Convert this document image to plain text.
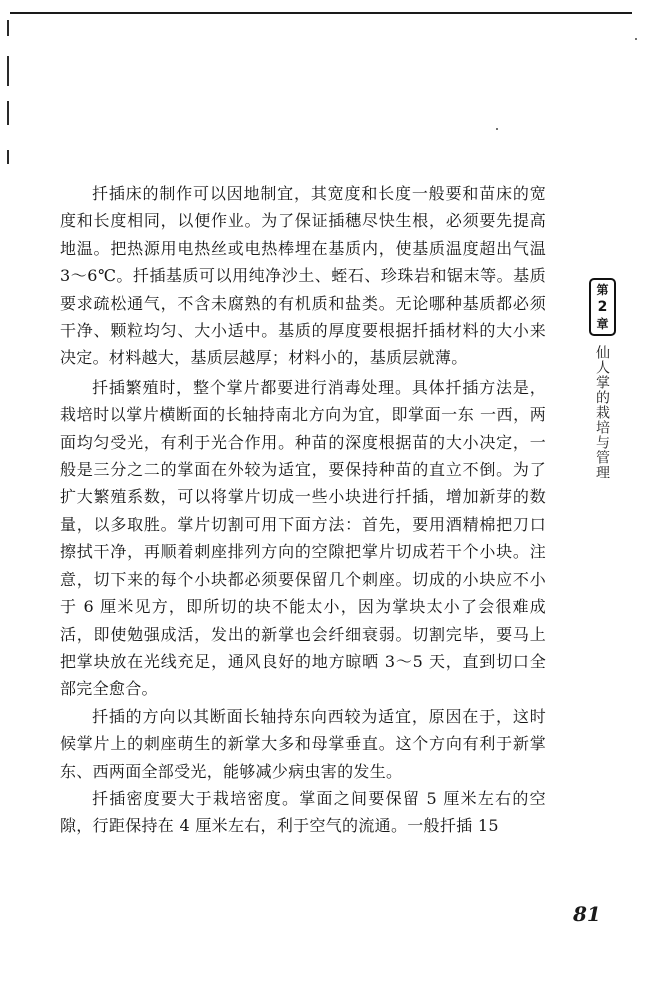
扦插床的制作可以因地制宜，其宽度和长度一般要和苗床的宽度和长度相同，以便作业。为了保证插穗尽快生根，必须要先提高地温。把热源用电热丝或电热棒埋在基质内，使基质温度超出气温 3～6℃。扦插基质可以用纯净沙土、蛭石、珍珠岩和锯末等。基质要求疏松通气，不含未腐熟的有机质和盐类。无论哪种基质都必须干净、颗粒均匀、大小适中。基质的厚度要根据扦插材料的大小来决定。材料越大，基质层越厚；材料小的，基质层就薄。

扦插繁殖时，整个掌片都要进行消毒处理。具体扦插方法是，栽培时以掌片横断面的长轴持南北方向为宜，即掌面一东 一西，两面均匀受光，有利于光合作用。种苗的深度根据苗的大小决定，一般是三分之二的掌面在外较为适宜，要保持种苗的直立不倒。为了扩大繁殖系数，可以将掌片切成一些小块进行扦插，增加新芽的数量，以多取胜。掌片切割可用下面方法：首先，要用酒精棉把刀口擦拭干净，再顺着刺座排列方向的空隙把掌片切成若干个小块。注意，切下来的每个小块都必须要保留几个刺座。切成的小块应不小于 6 厘米见方，即所切的块不能太小，因为掌块太小了会很难成活，即使勉强成活，发出的新掌也会纤细衰弱。切割完毕，要马上把掌块放在光线充足，通风良好的地方晾晒 3～5 天，直到切口全部完全愈合。

扦插的方向以其断面长轴持东向西较为适宜，原因在于，这时候掌片上的刺座萌生的新掌大多和母掌垂直。这个方向有利于新掌东、西两面全部受光，能够减少病虫害的发生。

扦插密度要大于栽培密度。掌面之间要保留 5 厘米左右的空隙，行距保持在 4 厘米左右，利于空气的流通。一般扦插 15

第
2
章
仙人掌的栽培与管理
81
